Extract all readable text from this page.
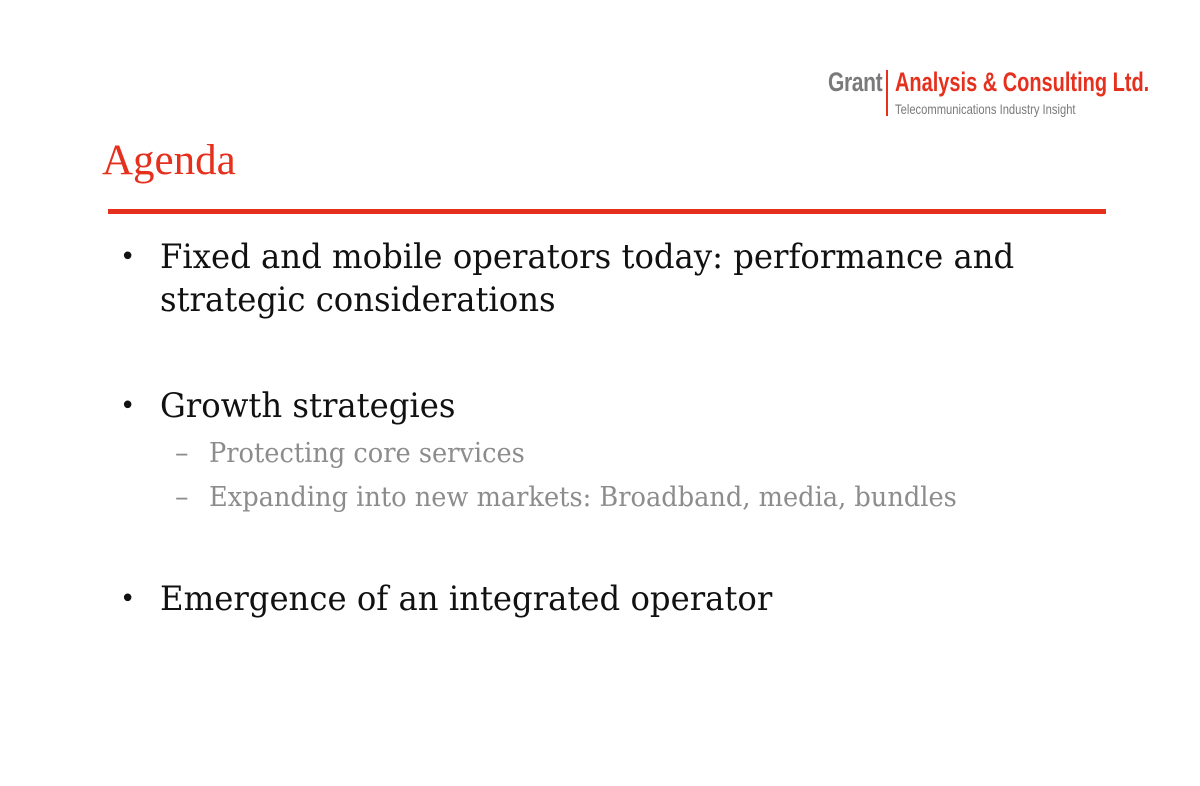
Grant Analysis & Consulting Ltd.
Telecommunications Industry Insight
Agenda
• Fixed and mobile operators today: performance and
strategic considerations
• Growth strategies
– Protecting core services
– Expanding into new markets: Broadband, media, bundles
• Emergence of an integrated operator
